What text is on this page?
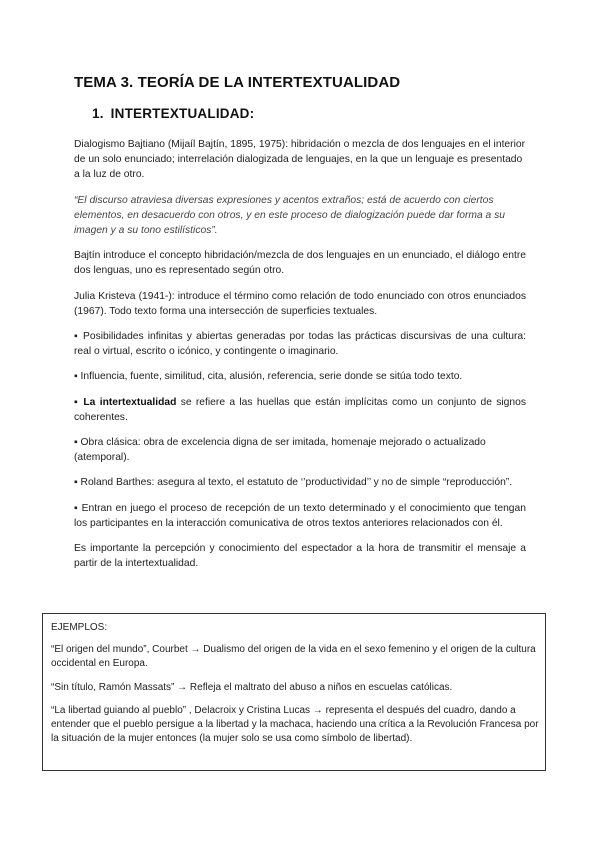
TEMA 3. TEORÍA DE LA INTERTEXTUALIDAD
1. INTERTEXTUALIDAD:

Dialogismo Bajtiano (Mijaíl Bajtín, 1895, 1975): hibridación o mezcla de dos lenguajes en el interior de un solo enunciado; interrelación dialogizada de lenguajes, en la que un lenguaje es presentado a la luz de otro.

“El discurso atraviesa diversas expresiones y acentos extraños; está de acuerdo con ciertos elementos, en desacuerdo con otros, y en este proceso de dialogización puede dar forma a su imagen y a su tono estilísticos”.

Bajtín introduce el concepto hibridación/mezcla de dos lenguajes en un enunciado, el diálogo entre dos lenguas, uno es representado según otro.

Julia Kristeva (1941-): introduce el término como relación de todo enunciado con otros enunciados (1967). Todo texto forma una intersección de superficies textuales.

▪ Posibilidades infinitas y abiertas generadas por todas las prácticas discursivas de una cultura: real o virtual, escrito o icónico, y contingente o imaginario.

▪ Influencia, fuente, similitud, cita, alusión, referencia, serie donde se sitúa todo texto.

▪ La intertextualidad se refiere a las huellas que están implícitas como un conjunto de signos coherentes.

▪ Obra clásica: obra de excelencia digna de ser imitada, homenaje mejorado o actualizado (atemporal).

▪ Roland Barthes: asegura al texto, el estatuto de ‘’productividad’’ y no de simple “reproducción”.

▪ Entran en juego el proceso de recepción de un texto determinado y el conocimiento que tengan los participantes en la interacción comunicativa de otros textos anteriores relacionados con él.

Es importante la percepción y conocimiento del espectador a la hora de transmitir el mensaje a partir de la intertextualidad.

EJEMPLOS:

“El origen del mundo”, Courbet → Dualismo del origen de la vida en el sexo femenino y el origen de la cultura occidental en Europa.

“Sin título, Ramón Massats” → Refleja el maltrato del abuso a niños en escuelas católicas.

“La libertad guiando al pueblo” , Delacroix y Cristina Lucas → representa el después del cuadro, dando a entender que el pueblo persigue a la libertad y la machaca, haciendo una crítica a la Revolución Francesa por la situación de la mujer entonces (la mujer solo se usa como símbolo de libertad).
